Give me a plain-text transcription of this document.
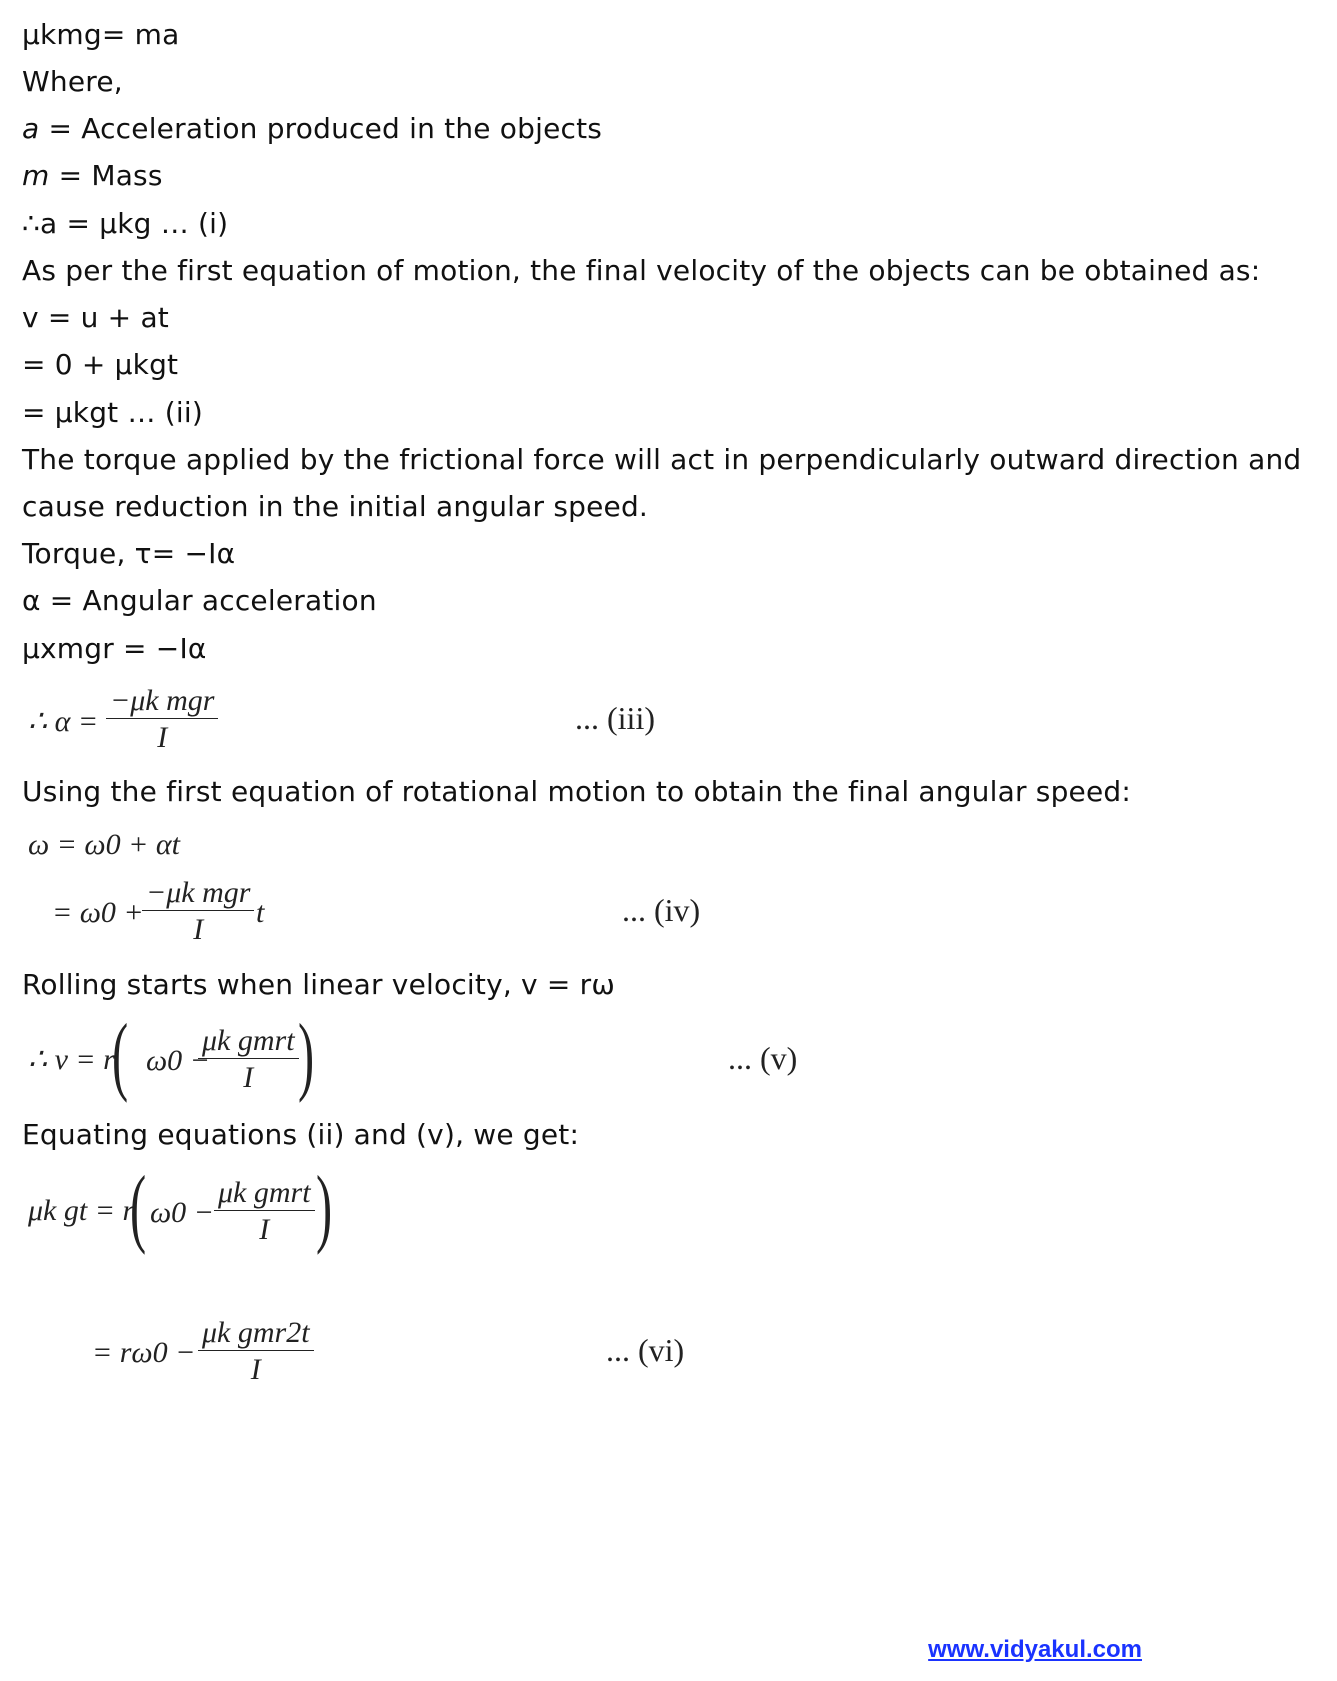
μkmg= ma
Where,
a = Acceleration produced in the objects
m = Mass
∴a = μkg … (i)
As per the first equation of motion, the final velocity of the objects can be obtained as:
v = u + at
= 0 + μkgt
= μkgt … (ii)
The torque applied by the frictional force will act in perpendicularly outward direction and
cause reduction in the initial angular speed.
Torque, τ= −Iα
α = Angular acceleration
μxmgr = −Iα
∴ α =
−μk mgr
I
... (iii)
Using the first equation of rotational motion to obtain the final angular speed:
ω = ω0 + αt
= ω0 +
−μk mgr
I
t	... (iv)
Rolling starts when linear velocity, v = rω
∴ v = r
( ω0 −
μk gmrt
I )	... (v)
Equating equations (ii) and (v), we get:
μk gt = r
( ω0 −
μk gmrt
I )
= rω0 −
μk gmr2t
I
... (vi)
www.vidyakul.com
